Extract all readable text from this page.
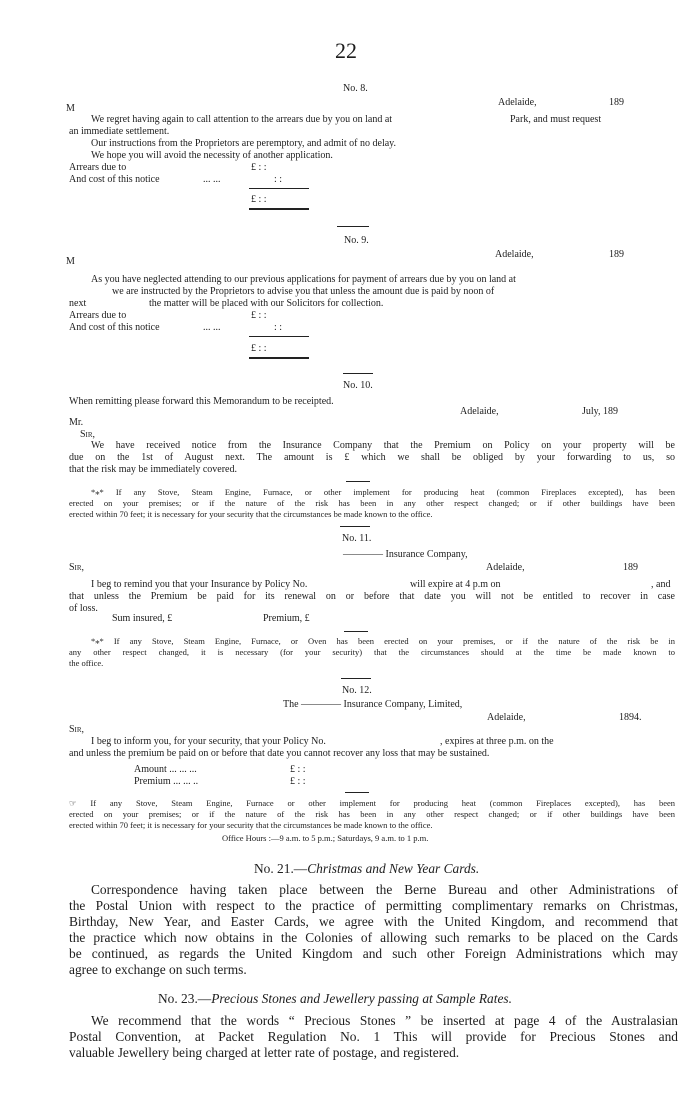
22
No. 8.
Adelaide,	189
M
We regret having again to call attention to the arrears due by you on land at	Park, and must request
an immediate settlement.
Our instructions from the Proprietors are peremptory, and admit of no delay.
We hope you will avoid the necessity of another application.
Arrears due to	£ : :
And cost of this notice	... ...	: :
£ : :
No. 9.
Adelaide,	189
M
As you have neglected attending to our previous applications for payment of arrears due by you on land at
we are instructed by the Proprietors to advise you that unless the amount due is paid by noon of
next	the matter will be placed with our Solicitors for collection.
Arrears due to	£ : :
And cost of this notice	... ...	: :
£ : :
No. 10.
When remitting please forward this Memorandum to be receipted.
Adelaide,	July, 189
Mr.
Sir,
We have received notice from the Insurance Company that the Premium on Policy on your property will be
due on the 1st of August next. The amount is £ which we shall be obliged by your forwarding to us, so
that the risk may be immediately covered.
*⁎* If any Stove, Steam Engine, Furnace, or other implement for producing heat (common Fireplaces excepted), has been
erected on your premises; or if the nature of the risk has been in any other respect changed; or if other buildings have been
erected within 70 feet; it is necessary for your security that the circumstances be made known to the office.
No. 11.
———— Insurance Company,
Sir,	Adelaide,	189
I beg to remind you that your Insurance by Policy No.	will expire at 4 p.m on	, and
that unless the Premium be paid for its renewal on or before that date you will not be entitled to recover in case
of loss.
Sum insured, £	Premium, £
*⁎* If any Stove, Steam Engine, Furnace, or Oven has been erected on your premises, or if the nature of the risk be in
any other respect changed, it is necessary (for your security) that the circumstances should at the time be made known to
the office.
No. 12.
The ———— Insurance Company, Limited,
Adelaide,	1894.
Sir,
I beg to inform you, for your security, that your Policy No.	, expires at three p.m. on the
and unless the premium be paid on or before that date you cannot recover any loss that may be sustained.
Amount ... ... ...	£ : :
Premium ... ... ..	£ : :
☞ If any Stove, Steam Engine, Furnace or other implement for producing heat (common Fireplaces excepted), has been
erected on your premises; or if the nature of the risk has been in any other respect changed; or if other buildings have been
erected within 70 feet; it is necessary for your security that the circumstances be made known to the office.
Office Hours :—9 a.m. to 5 p.m.; Saturdays, 9 a.m. to 1 p.m.
No. 21.—Christmas and New Year Cards.
Correspondence having taken place between the Berne Bureau and other Administrations of
the Postal Union with respect to the practice of permitting complimentary remarks on Christmas,
Birthday, New Year, and Easter Cards, we agree with the United Kingdom, and recommend that
the practice which now obtains in the Colonies of allowing such remarks to be placed on the Cards
be continued, as regards the United Kingdom and such other Foreign Administrations which may
agree to exchange on such terms.
No. 23.—Precious Stones and Jewellery passing at Sample Rates.
We recommend that the words “ Precious Stones ” be inserted at page 4 of the Australasian
Postal Convention, at Packet Regulation No. 1 This will provide for Precious Stones and
valuable Jewellery being charged at letter rate of postage, and registered.
